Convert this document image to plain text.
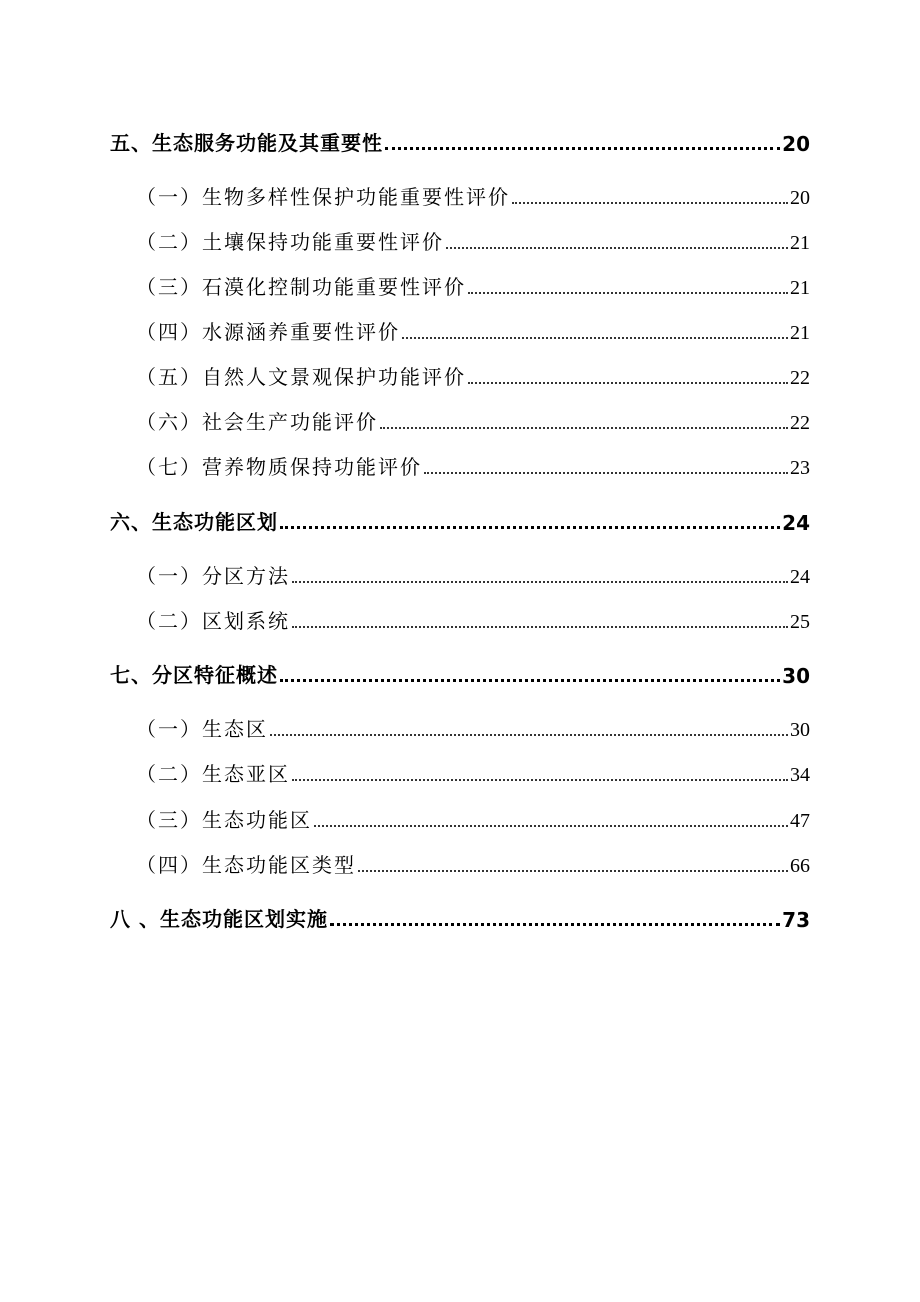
五、生态服务功能及其重要性	20
（一）生物多样性保护功能重要性评价	20
（二）土壤保持功能重要性评价	21
（三）石漠化控制功能重要性评价	21
（四）水源涵养重要性评价	21
（五）自然人文景观保护功能评价	22
（六）社会生产功能评价	22
（七）营养物质保持功能评价	23
六、生态功能区划	24
（一）分区方法	24
（二）区划系统	25
七、分区特征概述	30
（一）生态区	30
（二）生态亚区	34
（三）生态功能区	47
（四）生态功能区类型	66
八 、生态功能区划实施	73
